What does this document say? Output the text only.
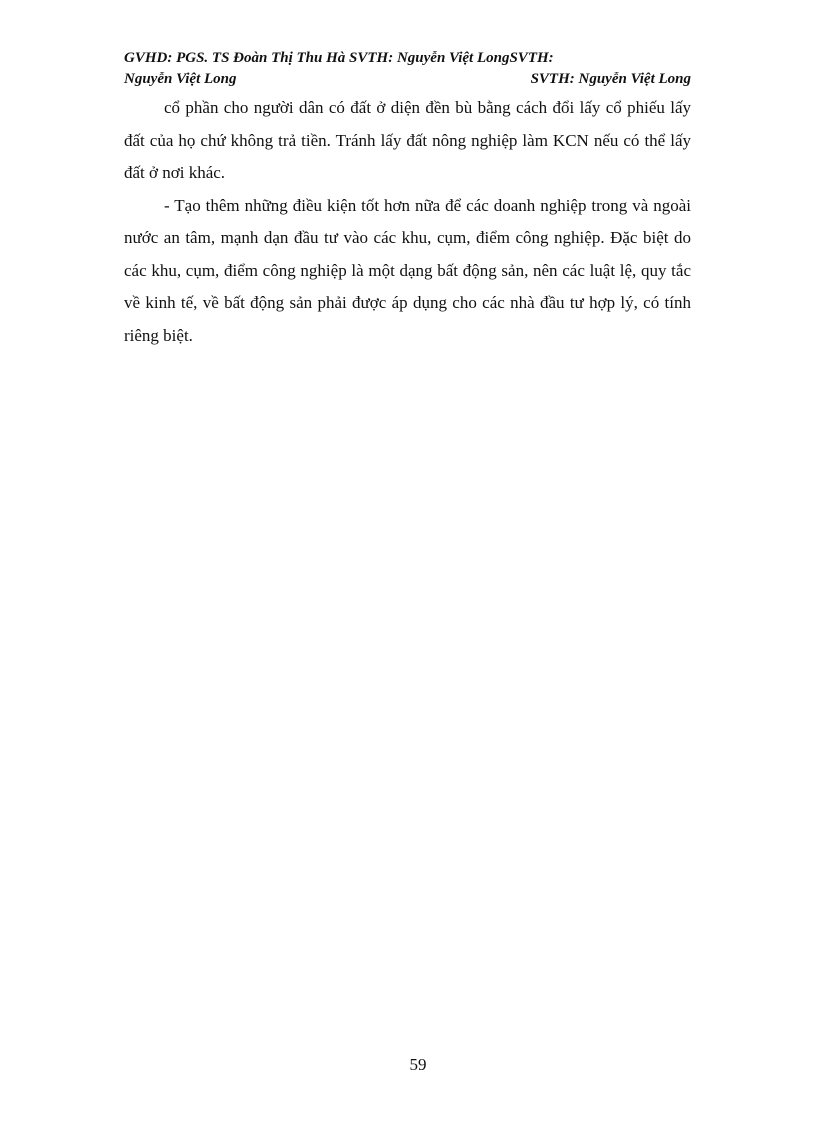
GVHD: PGS. TS Đoàn Thị Thu Hà SVTH: Nguyễn Việt LongSVTH:
Nguyễn Việt Long	SVTH: Nguyễn Việt Long

cổ phần cho người dân có đất ở diện đền bù bằng cách đổi lấy cổ phiếu lấy đất của họ chứ không trả tiền. Tránh lấy đất nông nghiệp làm KCN nếu có thể lấy đất ở nơi khác.

- Tạo thêm những điều kiện tốt hơn nữa để các doanh nghiệp trong và ngoài nước an tâm, mạnh dạn đầu tư vào các khu, cụm, điểm công nghiệp. Đặc biệt do các khu, cụm, điểm công nghiệp là một dạng bất động sản, nên các luật lệ, quy tắc về kinh tế, về bất động sản phải được áp dụng cho các nhà đầu tư hợp lý, có tính riêng biệt.

59
